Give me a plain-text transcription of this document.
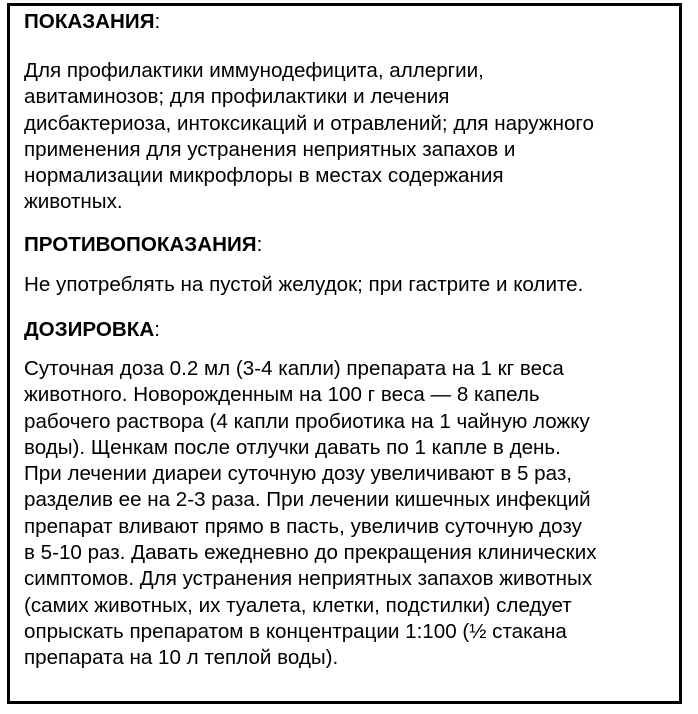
ПОКАЗАНИЯ:
Для профилактики иммунодефицита, аллергии,
авитаминозов; для профилактики и лечения
дисбактериоза, интоксикаций и отравлений; для наружного
применения для устранения неприятных запахов и
нормализации микрофлоры в местах содержания
животных.
ПРОТИВОПОКАЗАНИЯ:
Не употреблять на пустой желудок; при гастрите и колите.
ДОЗИРОВКА:
Суточная доза 0.2 мл (3-4 капли) препарата на 1 кг веса
животного. Новорожденным на 100 г веса — 8 капель
рабочего раствора (4 капли пробиотика на 1 чайную ложку
воды). Щенкам после отлучки давать по 1 капле в день.
При лечении диареи суточную дозу увеличивают в 5 раз,
разделив ее на 2-3 раза. При лечении кишечных инфекций
препарат вливают прямо в пасть, увеличив суточную дозу
в 5-10 раз. Давать ежедневно до прекращения клинических
симптомов. Для устранения неприятных запахов животных
(самих животных, их туалета, клетки, подстилки) следует
опрыскать препаратом в концентрации 1:100 (½ стакана
препарата на 10 л теплой воды).
